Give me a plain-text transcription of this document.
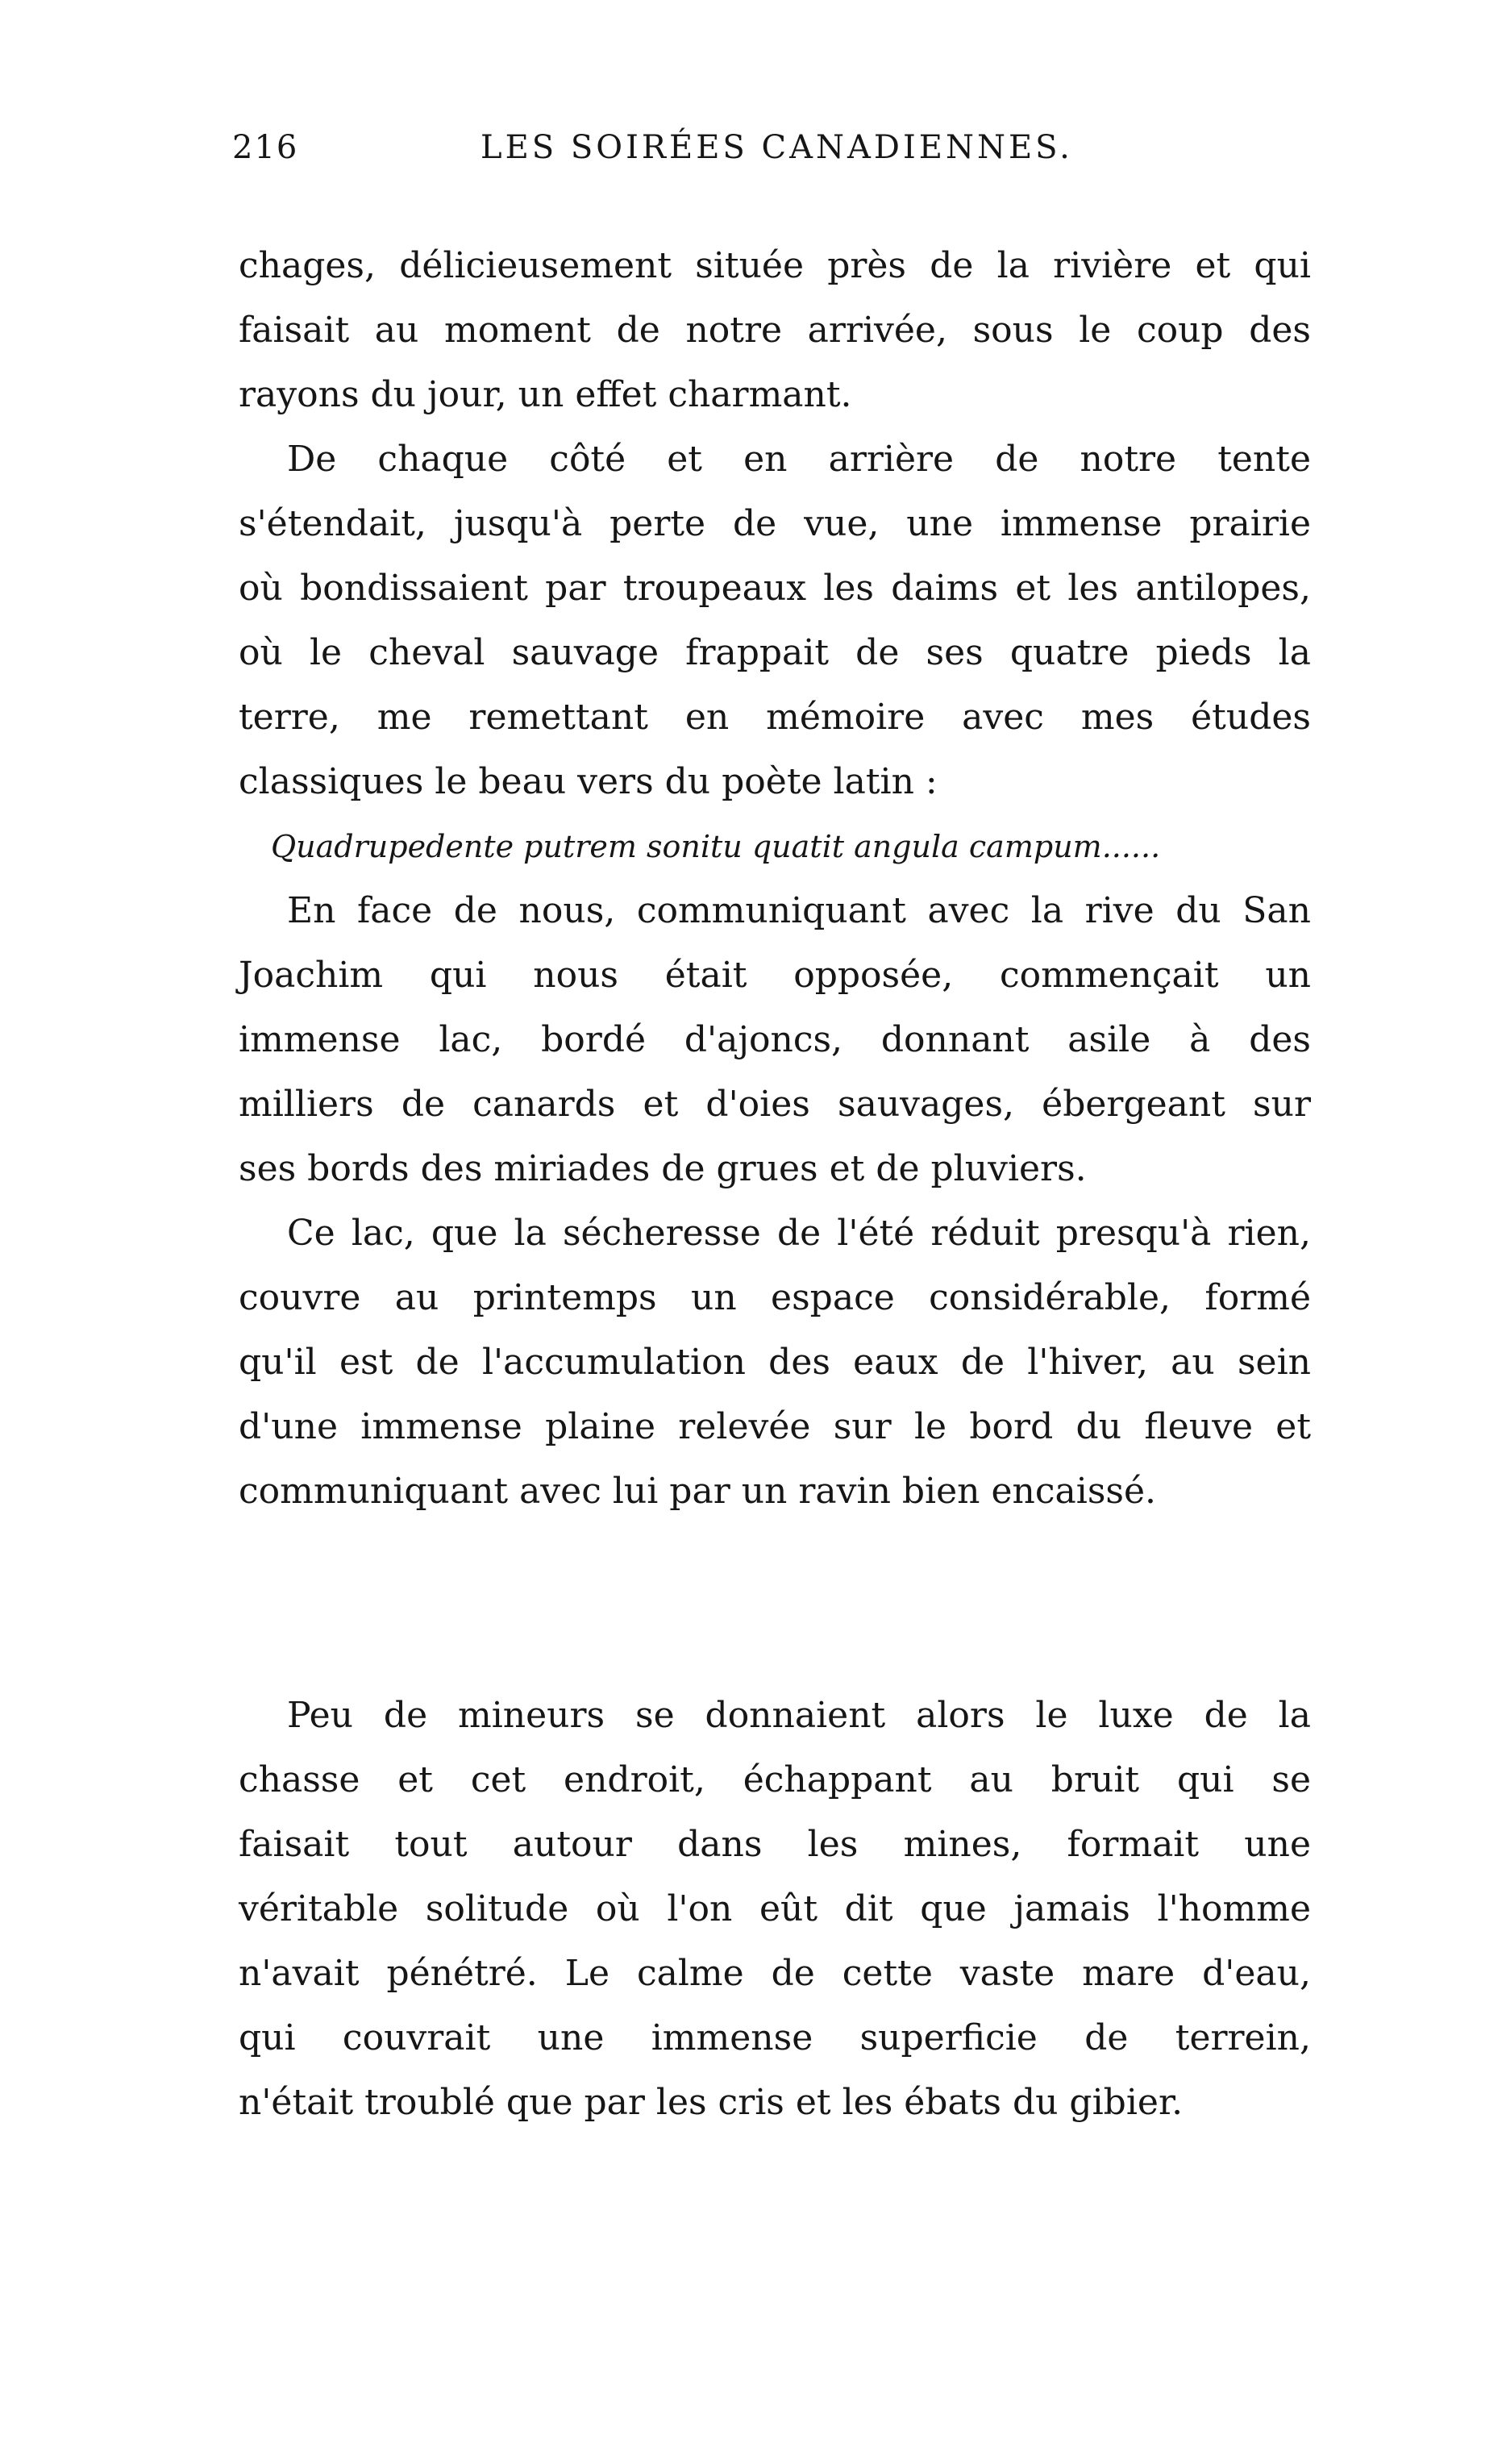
216	LES SOIRÉES CANADIENNES.
chages, délicieusement située près de la rivière et qui
faisait au moment de notre arrivée, sous le coup des
rayons du jour, un effet charmant.
De chaque côté et en arrière de notre tente
s'étendait, jusqu'à perte de vue, une immense prairie
où bondissaient par troupeaux les daims et les antilopes,
où le cheval sauvage frappait de ses quatre pieds la
terre, me remettant en mémoire avec mes études
classiques le beau vers du poète latin :
Quadrupedente putrem sonitu quatit angula campum......
En face de nous, communiquant avec la rive du San
Joachim qui nous était opposée, commençait un
immense lac, bordé d'ajoncs, donnant asile à des
milliers de canards et d'oies sauvages, ébergeant sur
ses bords des miriades de grues et de pluviers.
Ce lac, que la sécheresse de l'été réduit presqu'à rien,
couvre au printemps un espace considérable, formé
qu'il est de l'accumulation des eaux de l'hiver, au sein
d'une immense plaine relevée sur le bord du fleuve et
communiquant avec lui par un ravin bien encaissé.
Peu de mineurs se donnaient alors le luxe de la
chasse et cet endroit, échappant au bruit qui se
faisait tout autour dans les mines, formait une
véritable solitude où l'on eût dit que jamais l'homme
n'avait pénétré. Le calme de cette vaste mare d'eau,
qui couvrait une immense superficie de terrein,
n'était troublé que par les cris et les ébats du gibier.
